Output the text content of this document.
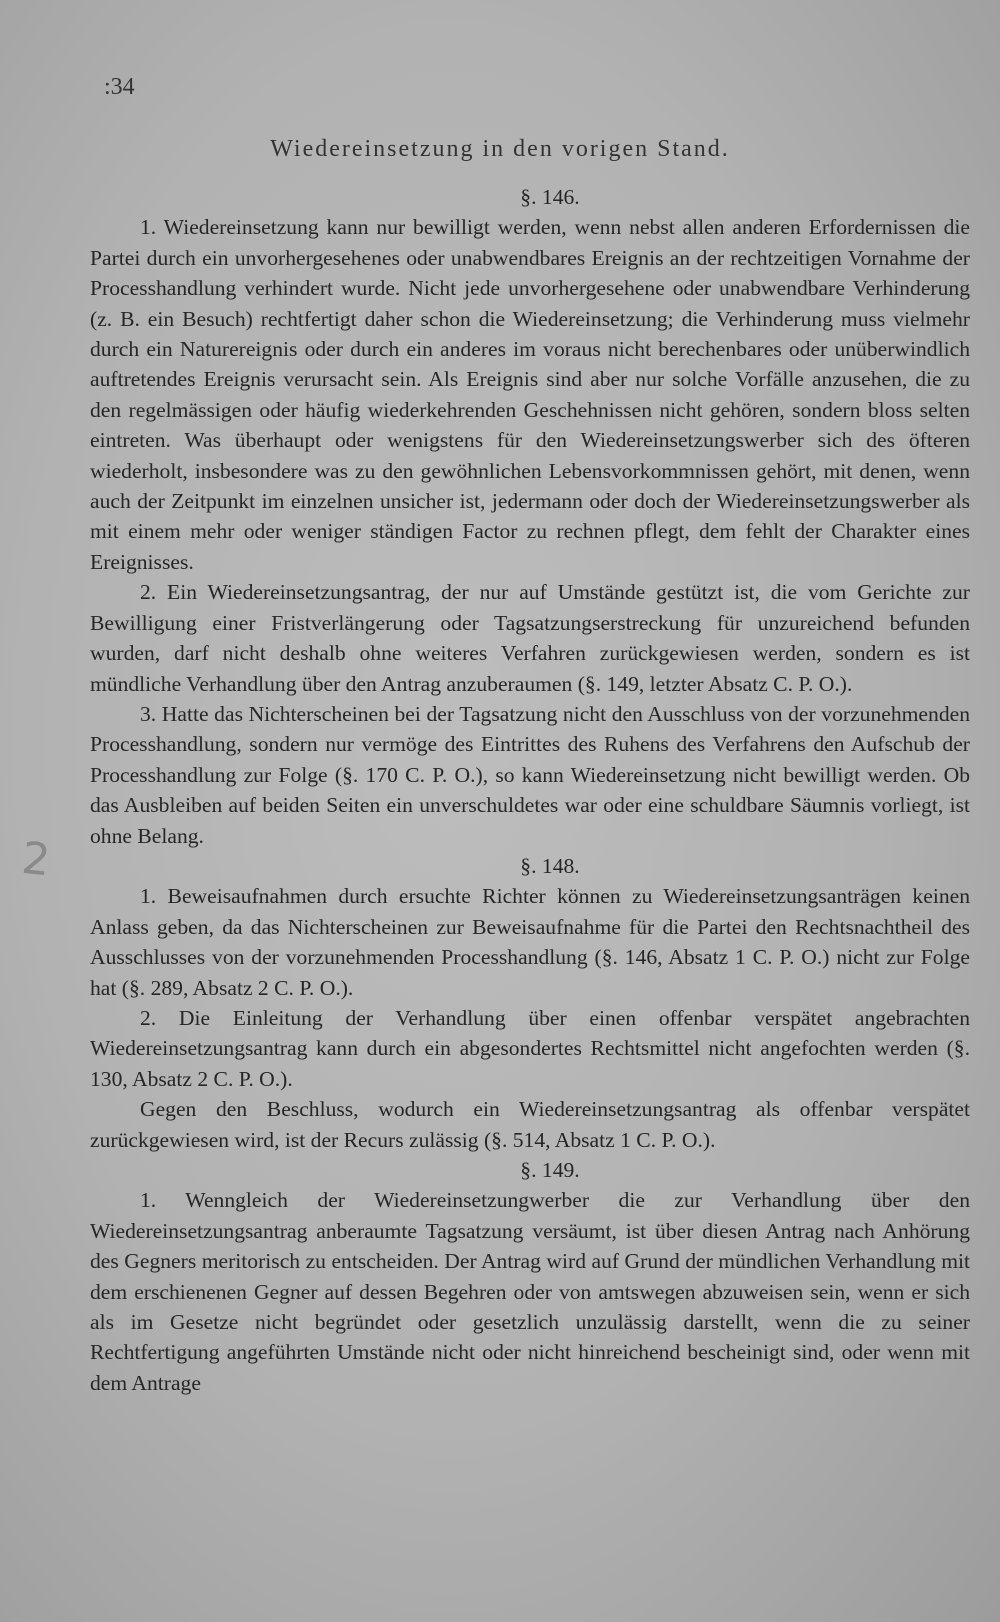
:34
Wiedereinsetzung in den vorigen Stand.
2

§. 146.

1. Wiedereinsetzung kann nur bewilligt werden, wenn nebst allen anderen Erfordernissen die Partei durch ein unvorhergesehenes oder unabwendbares Ereignis an der rechtzeitigen Vornahme der Processhandlung verhindert wurde. Nicht jede unvorhergesehene oder unabwendbare Verhinderung (z. B. ein Besuch) rechtfertigt daher schon die Wiedereinsetzung; die Verhinderung muss vielmehr durch ein Naturereignis oder durch ein anderes im voraus nicht berechenbares oder unüberwindlich auftretendes Ereignis verursacht sein. Als Ereignis sind aber nur solche Vorfälle anzusehen, die zu den regelmässigen oder häufig wiederkehrenden Geschehnissen nicht gehören, sondern bloss selten eintreten. Was überhaupt oder wenigstens für den Wiedereinsetzungswerber sich des öfteren wiederholt, insbesondere was zu den gewöhnlichen Lebensvorkommnissen gehört, mit denen, wenn auch der Zeitpunkt im einzelnen unsicher ist, jedermann oder doch der Wiedereinsetzungswerber als mit einem mehr oder weniger ständigen Factor zu rechnen pflegt, dem fehlt der Charakter eines Ereignisses.

2. Ein Wiedereinsetzungsantrag, der nur auf Umstände gestützt ist, die vom Gerichte zur Bewilligung einer Fristverlängerung oder Tagsatzungserstreckung für unzureichend befunden wurden, darf nicht deshalb ohne weiteres Verfahren zurückgewiesen werden, sondern es ist mündliche Verhandlung über den Antrag anzuberaumen (§. 149, letzter Absatz C. P. O.).

3. Hatte das Nichterscheinen bei der Tagsatzung nicht den Ausschluss von der vorzunehmenden Processhandlung, sondern nur vermöge des Eintrittes des Ruhens des Verfahrens den Aufschub der Processhandlung zur Folge (§. 170 C. P. O.), so kann Wiedereinsetzung nicht bewilligt werden. Ob das Ausbleiben auf beiden Seiten ein unverschuldetes war oder eine schuldbare Säumnis vorliegt, ist ohne Belang.

§. 148.

1. Beweisaufnahmen durch ersuchte Richter können zu Wiedereinsetzungsanträgen keinen Anlass geben, da das Nichterscheinen zur Beweisaufnahme für die Partei den Rechtsnachtheil des Ausschlusses von der vorzunehmenden Processhandlung (§. 146, Absatz 1 C. P. O.) nicht zur Folge hat (§. 289, Absatz 2 C. P. O.).

2. Die Einleitung der Verhandlung über einen offenbar verspätet angebrachten Wiedereinsetzungsantrag kann durch ein abgesondertes Rechtsmittel nicht angefochten werden (§. 130, Absatz 2 C. P. O.).

Gegen den Beschluss, wodurch ein Wiedereinsetzungsantrag als offenbar verspätet zurückgewiesen wird, ist der Recurs zulässig (§. 514, Absatz 1 C. P. O.).

§. 149.

1. Wenngleich der Wiedereinsetzungwerber die zur Verhandlung über den Wiedereinsetzungsantrag anberaumte Tagsatzung versäumt, ist über diesen Antrag nach Anhörung des Gegners meritorisch zu entscheiden. Der Antrag wird auf Grund der mündlichen Verhandlung mit dem erschienenen Gegner auf dessen Begehren oder von amtswegen abzuweisen sein, wenn er sich als im Gesetze nicht begründet oder gesetzlich unzulässig darstellt, wenn die zu seiner Rechtfertigung angeführten Umstände nicht oder nicht hinreichend bescheinigt sind, oder wenn mit dem Antrage
